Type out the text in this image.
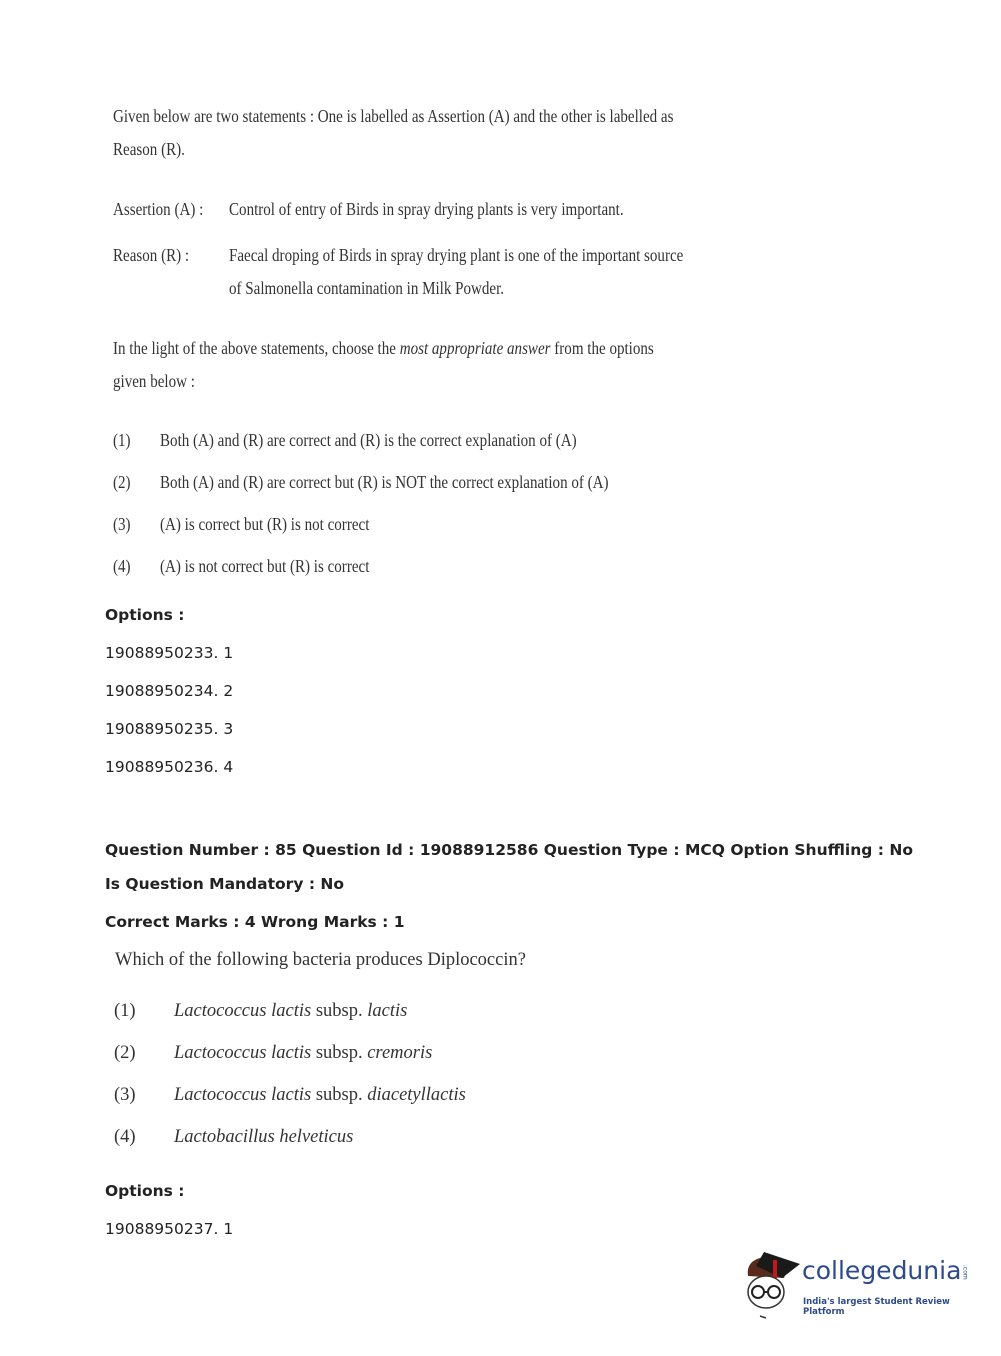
Given below are two statements : One is labelled as Assertion (A) and the other is labelled as
Reason (R).
Assertion (A) : Control of entry of Birds in spray drying plants is very important.
Reason (R) : Faecal droping of Birds in spray drying plant is one of the important source
of Salmonella contamination in Milk Powder.
In the light of the above statements, choose the most appropriate answer from the options
given below :
(1) Both (A) and (R) are correct and (R) is the correct explanation of (A)
(2) Both (A) and (R) are correct but (R) is NOT the correct explanation of (A)
(3) (A) is correct but (R) is not correct
(4) (A) is not correct but (R) is correct
Options :
19088950233. 1
19088950234. 2
19088950235. 3
19088950236. 4
Question Number : 85 Question Id : 19088912586 Question Type : MCQ Option Shuffling : No
Is Question Mandatory : No
Correct Marks : 4 Wrong Marks : 1
Which of the following bacteria produces Diplococcin?
(1) Lactococcus lactis subsp. lactis
(2) Lactococcus lactis subsp. cremoris
(3) Lactococcus lactis subsp. diacetyllactis
(4) Lactobacillus helveticus
Options :
19088950237. 1
collegedunia.com
India's largest Student Review Platform
